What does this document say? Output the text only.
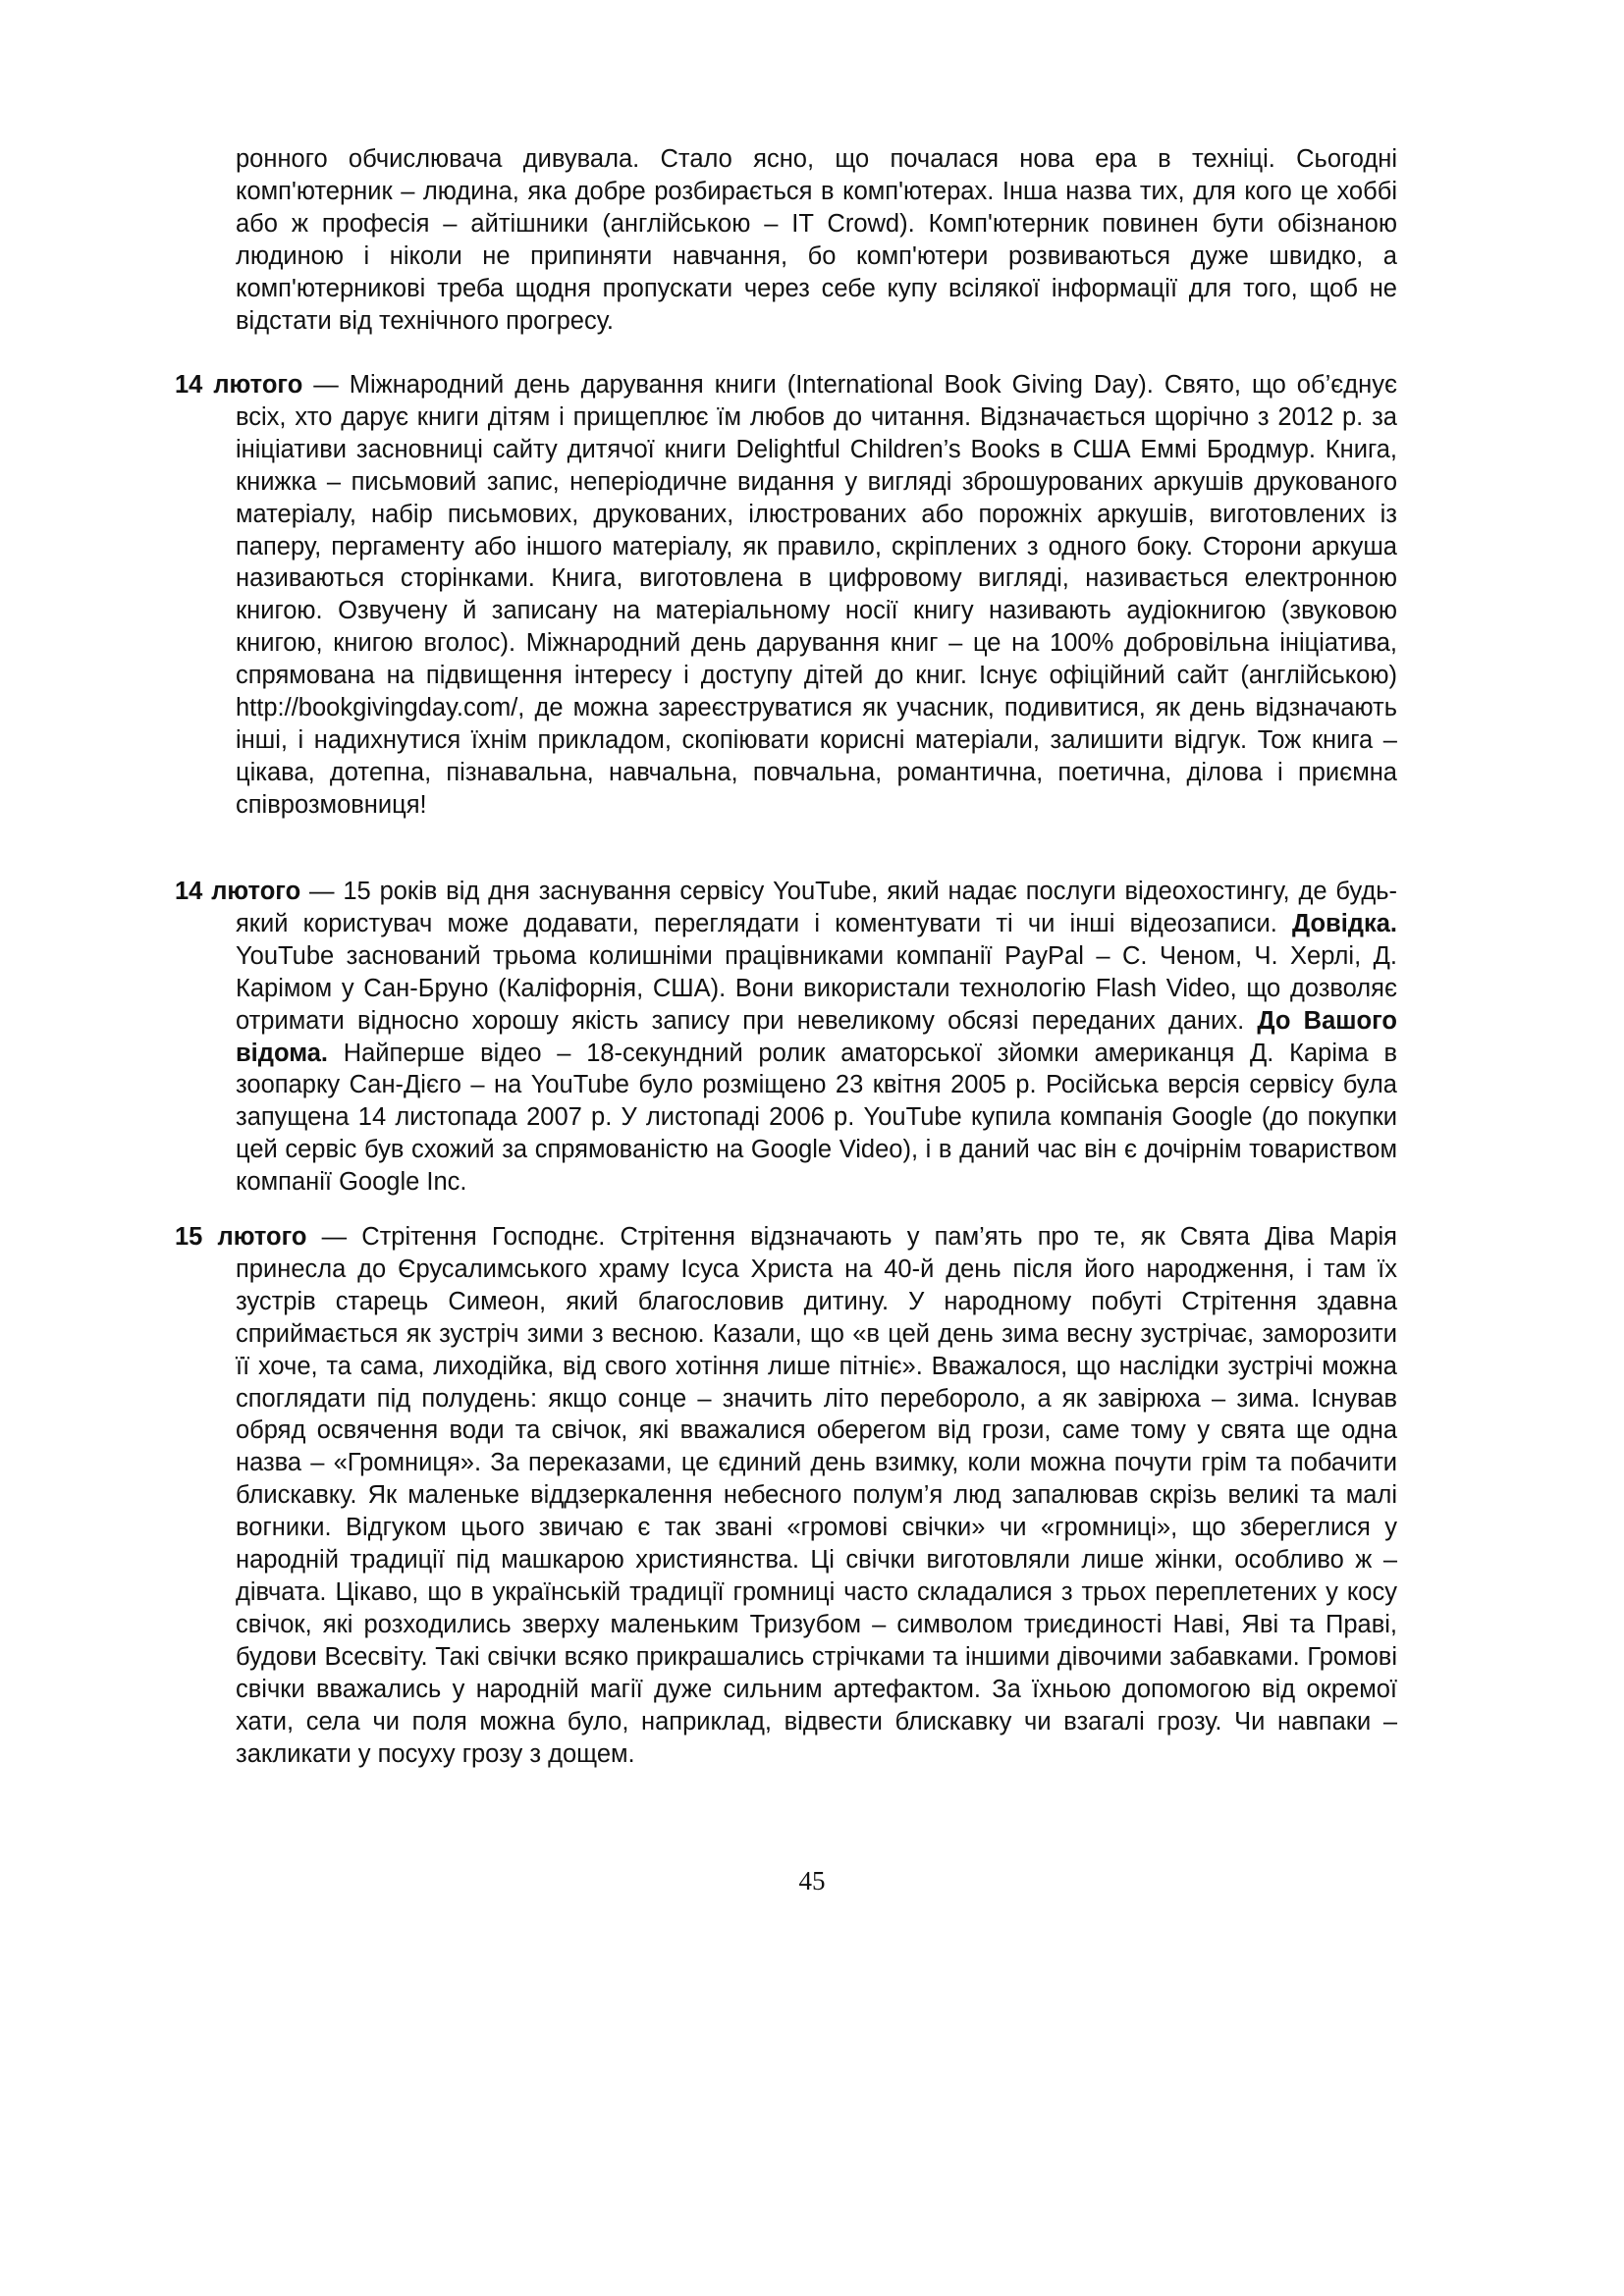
ронного обчислювача дивувала. Стало ясно, що почалася нова ера в техніці. Сьогодні комп'ютерник – людина, яка добре розбирається в комп'ютерах. Інша назва тих, для кого це хоббі або ж професія – айтішники (англійською – IT Crowd). Комп'ютерник повинен бути обізнаною людиною і ніколи не припиняти навчання, бо комп'ютери розвиваються дуже швидко, а комп'ютерникові треба щодня пропускати через себе купу всілякої інформації для того, щоб не відстати від технічного прогресу.

14 лютого — Міжнародний день дарування книги (International Book Giving Day). Свято, що об’єднує всіх, хто дарує книги дітям і прищеплює їм любов до читання. Відзначається щорічно з 2012 р. за ініціативи засновниці сайту дитячої книги Delightful Children’s Books в США Еммі Бродмур. Книга, книжка – письмовий запис, неперіодичне видання у вигляді зброшурованих аркушів друкованого матеріалу, набір письмових, друкованих, ілюстрованих або порожніх аркушів, виготовлених із паперу, пергаменту або іншого матеріалу, як правило, скріплених з одного боку. Сторони аркуша називаються сторінками. Книга, виготовлена в цифровому вигляді, називається електронною книгою. Озвучену й записану на матеріальному носії книгу називають аудіокнигою (звуковою книгою, книгою вголос). Міжнародний день дарування книг – це на 100% добровільна ініціатива, спрямована на підвищення інтересу і доступу дітей до книг. Існує офіційний сайт (англійською) http://bookgivingday.com/, де можна зареєструватися як учасник, подивитися, як день відзначають інші, і надихнутися їхнім прикладом, скопіювати корисні матеріали, залишити відгук. Тож книга – цікава, дотепна, пізнавальна, навчальна, повчальна, романтична, поетична, ділова і приємна співрозмовниця!

14 лютого — 15 років від дня заснування сервісу YouTube, який надає послуги відеохостингу, де будь-який користувач може додавати, переглядати і коментувати ті чи інші відеозаписи. Довідка. YouTube заснований трьома колишніми працівниками компанії PayPal – С. Ченом, Ч. Херлі, Д. Карімом у Сан-Бруно (Каліфорнія, США). Вони використали технологію Flash Video, що дозволяє отримати відносно хорошу якість запису при невеликому обсязі переданих даних. До Вашого відома. Найперше відео – 18-секундний ролик аматорської зйомки американця Д. Каріма в зоопарку Сан-Дієго – на YouTube було розміщено 23 квітня 2005 р. Російська версія сервісу була запущена 14 листопада 2007 р. У листопаді 2006 р. YouTube купила компанія Google (до покупки цей сервіс був схожий за спрямованістю на Google Video), і в даний час він є дочірнім товариством компанії Google Inc.

15 лютого — Стрітення Господнє. Стрітення відзначають у пам’ять про те, як Свята Діва Марія принесла до Єрусалимського храму Ісуса Христа на 40-й день після його народження, і там їх зустрів старець Симеон, який благословив дитину. У народному побуті Стрітення здавна сприймається як зустріч зими з весною. Казали, що «в цей день зима весну зустрічає, заморозити її хоче, та сама, лиходійка, від свого хотіння лише пітніє». Вважалося, що наслідки зустрічі можна споглядати під полудень: якщо сонце – значить літо перебороло, а як завірюха – зима. Існував обряд освячення води та свічок, які вважалися оберегом від грози, саме тому у свята ще одна назва – «Громниця». За переказами, це єдиний день взимку, коли можна почути грім та побачити блискавку. Як маленьке віддзеркалення небесного полум’я люд запалював скрізь великі та малі вогники. Відгуком цього звичаю є так звані «громові свічки» чи «громниці», що збереглися у народній традиції під машкарою християнства. Ці свічки виготовляли лише жінки, особливо ж – дівчата. Цікаво, що в українській традиції громниці часто складалися з трьох переплетених у косу свічок, які розходились зверху маленьким Тризубом – символом триєдиності Наві, Яві та Праві, будови Всесвіту. Такі свічки всяко прикрашались стрічками та іншими дівочими забавками. Громові свічки вважались у народній магії дуже сильним артефактом. За їхньою допомогою від окремої хати, села чи поля можна було, наприклад, відвести блискавку чи взагалі грозу. Чи навпаки – закликати у посуху грозу з дощем.

45
